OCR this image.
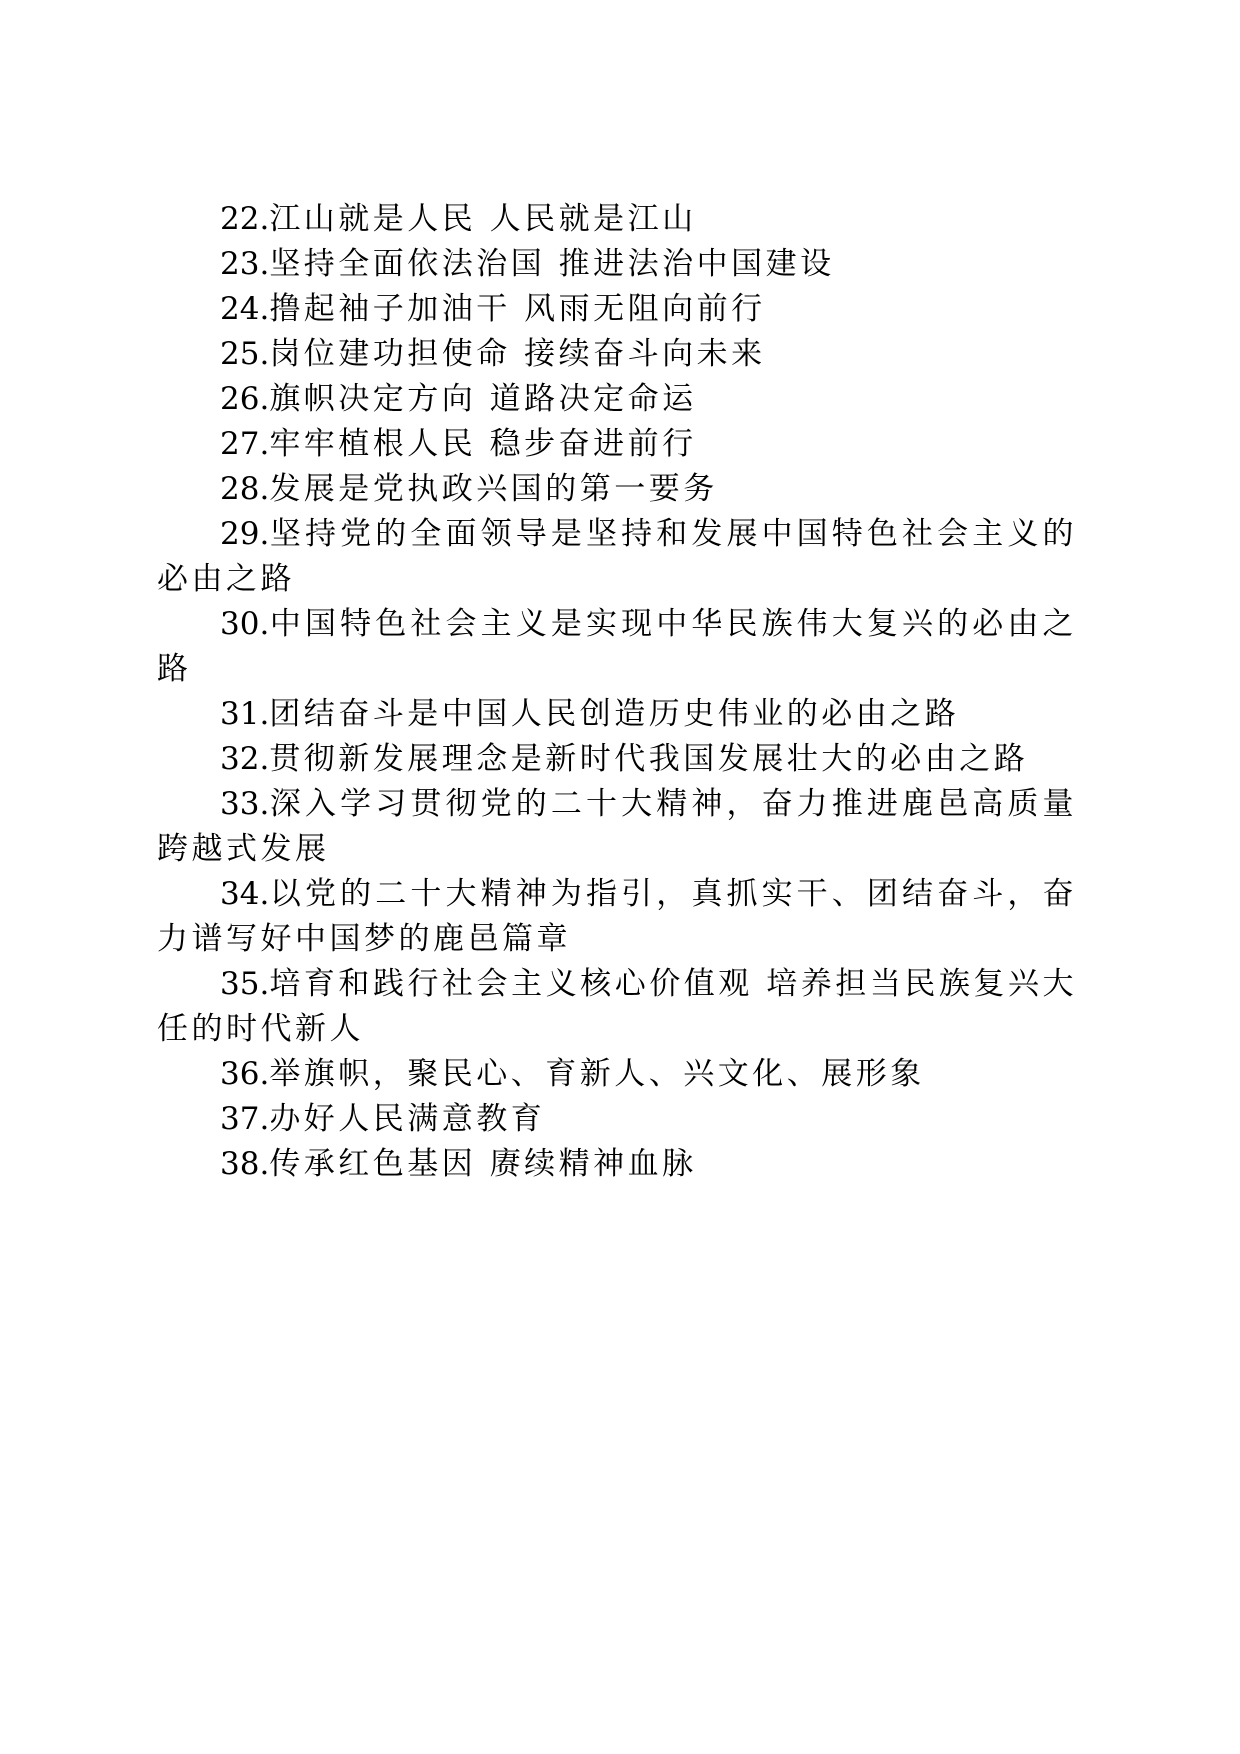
22.江山就是人民 人民就是江山

23.坚持全面依法治国 推进法治中国建设

24.撸起袖子加油干 风雨无阻向前行

25.岗位建功担使命 接续奋斗向未来

26.旗帜决定方向 道路决定命运

27.牢牢植根人民 稳步奋进前行

28.发展是党执政兴国的第一要务

29.坚持党的全面领导是坚持和发展中国特色社会主义的必由之路

30.中国特色社会主义是实现中华民族伟大复兴的必由之路

31.团结奋斗是中国人民创造历史伟业的必由之路

32.贯彻新发展理念是新时代我国发展壮大的必由之路

33.深入学习贯彻党的二十大精神，奋力推进鹿邑高质量跨越式发展

34.以党的二十大精神为指引，真抓实干、团结奋斗，奋力谱写好中国梦的鹿邑篇章

35.培育和践行社会主义核心价值观 培养担当民族复兴大任的时代新人

36.举旗帜，聚民心、育新人、兴文化、展形象

37.办好人民满意教育

38.传承红色基因 赓续精神血脉
